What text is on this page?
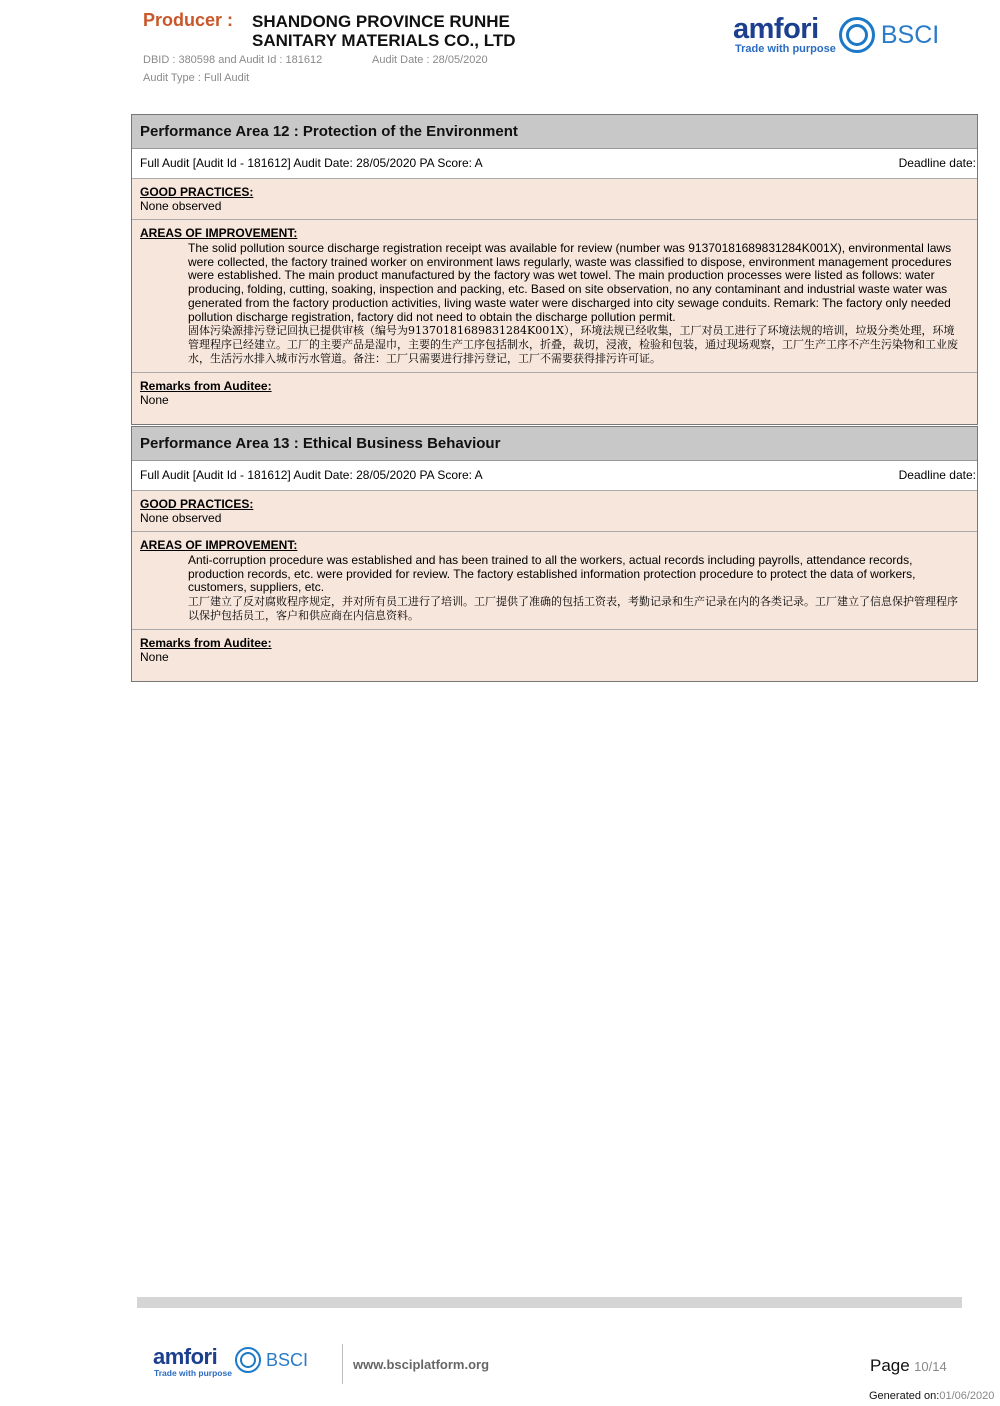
Producer : SHANDONG PROVINCE RUNHE
SANITARY MATERIALS CO., LTD
DBID : 380598 and Audit Id : 181612	Audit Date : 28/05/2020
Audit Type : Full Audit
amfori
Trade with purpose BSCI
Performance Area 12 : Protection of the Environment
Full Audit [Audit Id - 181612] Audit Date: 28/05/2020 PA Score: A	Deadline date:
GOOD PRACTICES:
None observed
AREAS OF IMPROVEMENT:

The solid pollution source discharge registration receipt was available for review (number was 91370181689831284K001X), environmental laws were collected, the factory trained worker on environment laws regularly, waste was classified to dispose, environment management procedures were established. The main product manufactured by the factory was wet towel. The main production processes were listed as follows: water producing, folding, cutting, soaking, inspection and packing, etc. Based on site observation, no any contaminant and industrial waste water was generated from the factory production activities, living waste water were discharged into city sewage conduits. Remark: The factory only needed pollution discharge registration, factory did not need to obtain the discharge pollution permit.

固体污染源排污登记回执已提供审核（编号为91370181689831284K001X），环境法规已经收集，工厂对员工进行了环境法规的培训，垃圾分类处理，环境管理程序已经建立。工厂的主要产品是湿巾，主要的生产工序包括制水，折叠，裁切，浸液，检验和包装，通过现场观察，工厂生产工序不产生污染物和工业废水，生活污水排入城市污水管道。备注：工厂只需要进行排污登记，工厂不需要获得排污许可证。

Remarks from Auditee:
None
Performance Area 13 : Ethical Business Behaviour
Full Audit [Audit Id - 181612] Audit Date: 28/05/2020 PA Score: A	Deadline date:
GOOD PRACTICES:
None observed
AREAS OF IMPROVEMENT:

Anti-corruption procedure was established and has been trained to all the workers, actual records including payrolls, attendance records, production records, etc. were provided for review. The factory established information protection procedure to protect the data of workers, customers, suppliers, etc.

工厂建立了反对腐败程序规定，并对所有员工进行了培训。工厂提供了准确的包括工资表，考勤记录和生产记录在内的各类记录。工厂建立了信息保护管理程序以保护包括员工，客户和供应商在内信息资料。

Remarks from Auditee:
None
amfori
Trade with purpose
BSCI	www.bsciplatform.org	Page 10/14
Generated on:01/06/2020
